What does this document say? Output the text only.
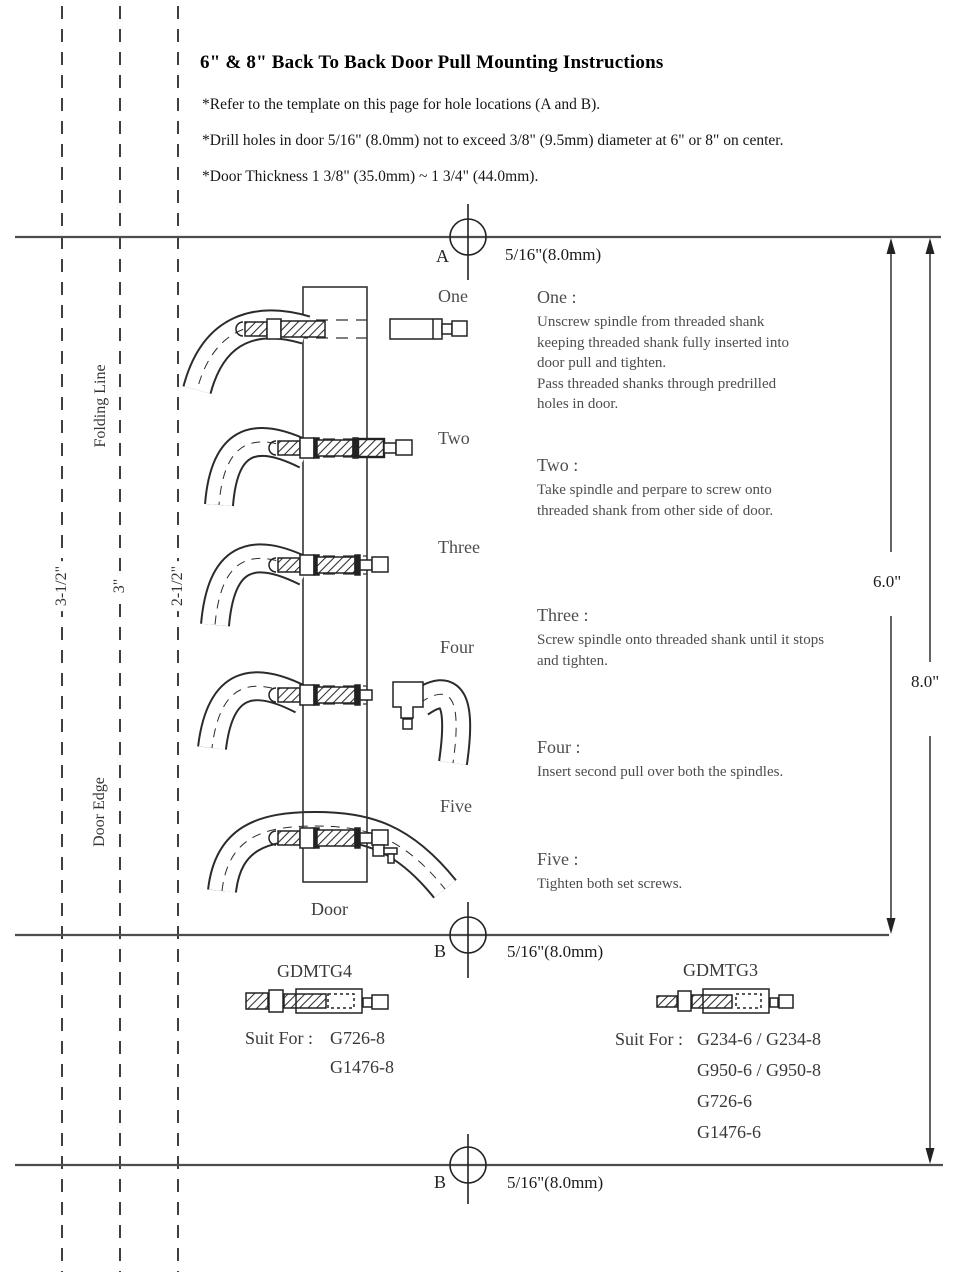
6" & 8" Back To Back Door Pull Mounting Instructions
*Refer to the template on this page for hole locations (A and B).
*Drill holes in door 5/16" (8.0mm) not to exceed 3/8" (9.5mm) diameter at 6" or 8" on center.
*Door Thickness 1 3/8" (35.0mm) ~ 1 3/4" (44.0mm).
Folding Line
3-1/2"	3"	2-1/2"
Door Edge
A	5/16"(8.0mm)
B	5/16"(8.0mm)
B	5/16"(8.0mm)
6.0"
8.0"
One
Two
Three
Four
Five
One :
Unscrew spindle from threaded shank
keeping threaded shank fully inserted into
door pull and tighten.
Pass threaded shanks through predrilled
holes in door.
Two :
Take spindle and perpare to screw onto
threaded shank from other side of door.
Three :
Screw spindle onto threaded shank until it stops
and tighten.
Four :
Insert second pull over both the spindles.
Five :
Tighten both set screws.
Door
GDMTG4
Suit For : G726-8
G1476-8
GDMTG3
Suit For : G234-6 / G234-8
G950-6 / G950-8
G726-6
G1476-6
